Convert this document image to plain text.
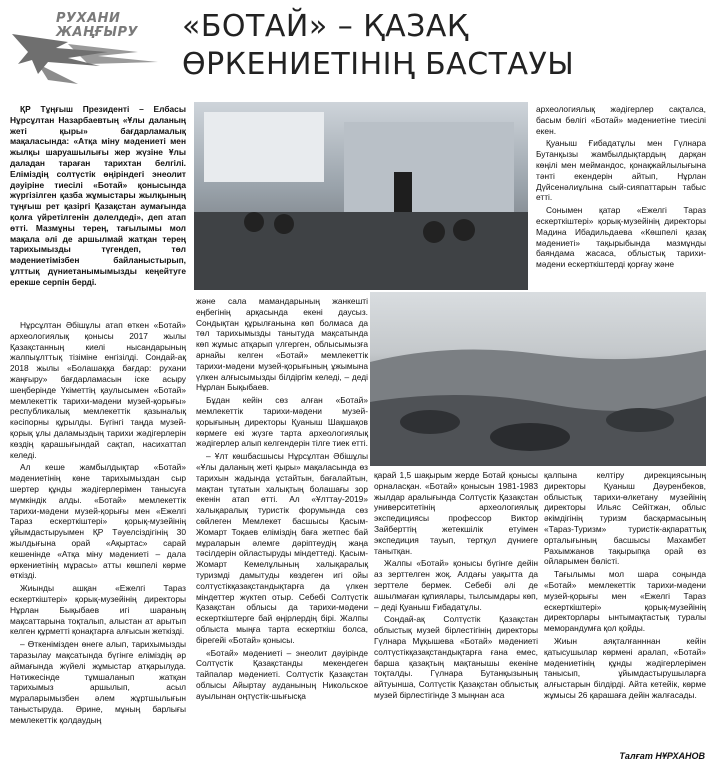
РУХАНИ ЖАҢҒЫРУ	«БОТАЙ» – ҚАЗАҚ ӨРКЕНИЕТІНІҢ БАСТАУЫ

ҚР Тұңғыш Президенті – Елбасы Нұрсұлтан Назарбаевтың «Ұлы даланың жеті қыры» бағдарламалық мақаласында: «Атқа міну мәдениеті мен жылқы шаруашылығы жер жүзіне Ұлы даладан тараған тарихтан белгілі. Еліміздің солтүстік өңіріндегі энеолит дәуіріне тиесілі «Ботай» қонысында жүргізілген қазба жұмыстары жылқының тұңғыш рет қазіргі Қазақстан аумағында қолға үйретілгенін дәлелдеді», деп атап өтті. Мазмұны терең, тағылымы мол мақала әлі де аршылмай жатқан терең тарихымызды түгендеп, төл мәдениетімізбен байланыстырып, ұлттық дүниетанымымызды кеңейтуге ерекше серпін берді.

Нұрсұлтан Әбішұлы атап өткен «Ботай» археологиялық қонысы 2017 жылы Қазақстанның киелі нысандарының жалпыұлттық тізіміне енгізілді. Сондай-ақ 2018 жылы «Болашаққа бағдар: рухани жаңғыру» бағдарламасын іске асыру шеңберінде Үкіметтің қаулысымен «Ботай» мемлекеттік тарихи-мәдени музей-қорығы» республикалық мемлекеттік қазыналық кәсіпорны құрылды. Бүгінгі таңда музей-қорық ұлы даламыздың тарихи жәдігерлерін көздің қарашығындай сақтап, насихаттап келеді.

Ал кеше жамбылдықтар «Ботай» мәдениетінің көне тарихымыздан сыр шертер құнды жәдігерлерімен танысуға мүмкіндік алды. «Ботай» мемлекеттік тарихи-мәдени музей-қорығы мен «Ежелгі Тараз ескерткіштері» қорық-музейінің ұйымдастыруымен ҚР Тәуелсіздігінің 30 жылдығына орай «Ақыртас» сарай кешенінде «Атқа міну мәдениеті – дала өркениетінің мұрасы» атты көшпелі көрме өткізді.

Жиынды ашқан «Ежелгі Тараз ескерткіштері» қорық-музейінің директоры Нұрлан Бықыбаев игі шараның мақсаттарына тоқталып, алыстан ат арытып келген құрметті қонақтарға алғысын жеткізді.

– Өткенімізден өнеге алып, тарихымызды таразылау мақсатында бүгінге еліміздің әр аймағында жүйелі жұмыстар атқарылуда. Нәтижесінде тұмшаланып жатқан тарихымыз аршылып, асыл мұраларымызбен әлем жұртшылығын таныстыруда. Әрине, мұның барлығы мемлекеттік қолдаудың

және сала мамандарының жанкешті еңбегінің арқасында екені даусыз. Сондықтан құрылғанына көп болмаса да төл тарихымызды танытуда мақсатында көп жұмыс атқарып үлгерген, облысымызға арнайы келген «Ботай» мемлекеттік тарихи-мәдени музей-қорығының ұжымына үлкен алғысымызды білдіргім келеді, – деді Нұрлан Бықыбаев.

Бұдан кейін сөз алған «Ботай» мемлекеттік тарихи-мәдени музей-қорығының директоры Қуаныш Шақшақов көрмеге екі жүзге тарта археологиялық жәдігерлер алып келгендерін тілге тиек етті.

– Ұлт көшбасшысы Нұрсұлтан Әбішұлы «Ұлы даланың жеті қыры» мақаласында өз тарихын жадында ұстайтын, бағалайтын, мақтан тұтатын халықтың болашағы зор екенін атап өтті. Ал «Ұлттау-2019» халықаралық туристік форумында сөз сөйлеген Мемлекет басшысы Қасым-Жомарт Тоқаев еліміздің бағa жетпес бай мұраларын әлемге дәріптеудің жаңа тәсілдерін ойластыруды міндеттеді. Қасым-Жомарт Кемелұлының халықаралық туризмді дамытуды көздеген игі ойы солтүстікқазақстандықтарға да үлкен міндеттер жүктеп отыр. Себебі Солтүстік Қазақстан облысы да тарихи-мәдени ескерткіштерге бай өңірлердің бірі. Жалпы облыста мыңға тарта ескерткіш болса, бірегейі «Ботай» қонысы.

«Ботай» мәдениеті – энеолит дәуірінде Солтүстік Қазақстанды мекендеген тайпалар мәдениеті. Солтүстік Қазақстан облысы Айыртау ауданының Никольское ауылынан оңтүстік-шығысқа

археологиялық жәдігерлер сақталса, басым бөлігі «Ботай» мәдениетіне тиесілі екен.

Қуаныш Ғибадатұлы мен Гүлнара Бутанқызы жамбылдықтардың дарқан көңілі мен меймандос, қонақжайлылығына тәнті екендерін айтып, Нұрлан Дүйсенәлиұлына сый-сияпаттарын табыс етті.

Сонымен қатар «Ежелгі Тараз ескерткіштері» қорық-музейінің директоры Мадина Ибадильдаева «Көшпелі қазақ мәдениеті» тақырыбында мазмұнды баяндама жасаса, облыстық тарихи-мәдени ескерткіштерді қорғау және

қарай 1,5 шақырым жерде Ботай қонысы орналасқан. «Ботай» қонысын 1981-1983 жылдар аралығында Солтүстік Қазақстан университетінің археологиялық экспедициясы профессор Виктор Зайберттің жетекшілік етуімен экспедиция тауып, тертқул дүниеге танытқан.

Жалпы «Ботай» қонысы бүгінге дейін аз зерттелген жоқ. Алдағы уақытта да зерттеле бермек. Себебі әлі де ашылмаған құпиялары, тылсымдары көп, – деді Қуаныш Ғибадатұлы.

Сондай-ақ Солтүстік Қазақстан облыстық музей бірлестігінің директоры Гүлнара Мұқышева «Ботай» мәдениеті солтүстікқазақстандықтарға ғана емес, барша қазақтың мақтанышы екеніне тоқталды. Гүлнара Бутанқызының айтуынша, Солтүстік Қазақстан облыстық музей бірлестігінде 3 мыңнан аса

қалпына келтіру дирекциясының директоры Қуаныш Дәуренбеков, облыстық тарихи-өлкетану музейінің директоры Ильяс Сейітжан, облыс әкімдігінің туризм басқармасының «Тараз-Туризм» туристік-ақпараттық орталығының басшысы Махамбет Рахымжанов тақырыпқа орай өз ойларымен бөлісті.

Тағылымы мол шара соңында «Ботай» мемлекеттік тарихи-мәдени музей-қорығы мен «Ежелгі Тараз ескерткіштері» қорық-музейінің директорлары ынтымақтастық туралы меморандумға қол қойды.

Жиын аяқталғанннан кейін қатысушылар көрмені аралап, «Ботай» мәдениетінің құнды жәдігерлерімен танысып, ұйымдастырушыларға алғыстарын білдірді. Айта кетейік, көрме жұмысы 26 қарашаға дейін жалғасады.

Талғат НҰРХАНОВ
